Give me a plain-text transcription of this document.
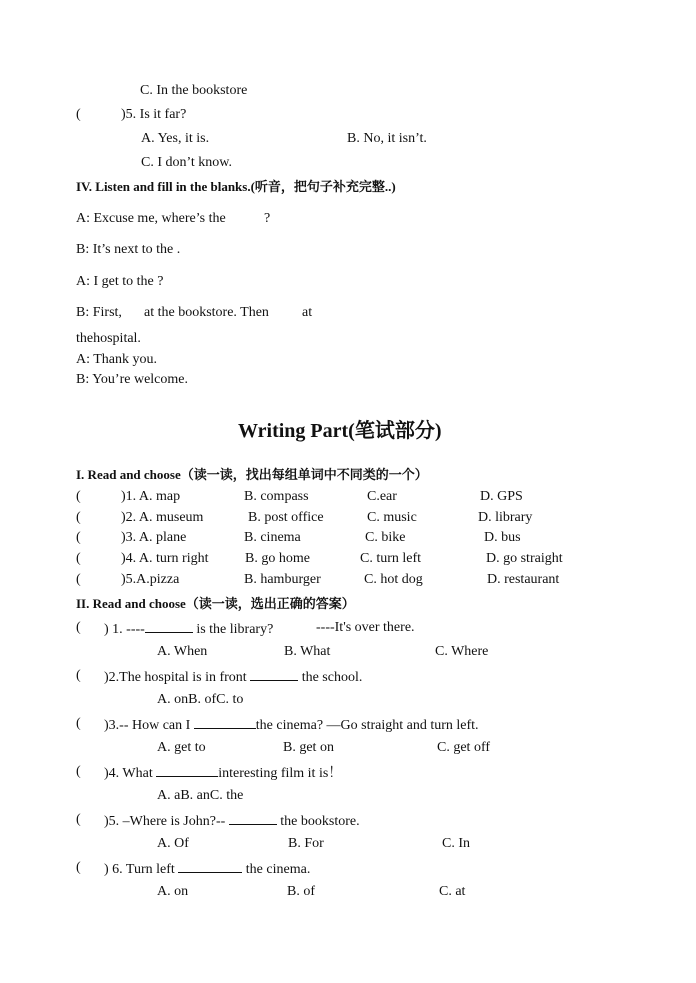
C. In the bookstore
(	)5. Is it far?
A. Yes, it is.	B. No, it isn’t.
C. I don’t know.
IV. Listen and fill in the blanks.(听音，把句子补充完整..)
A: Excuse me, where’s the	?
B: It’s next to the .
A: I get to the ?
B: First, at the bookstore. Then at
thehospital.
A: Thank you.
B: You’re welcome.
Writing Part(笔试部分)
I. Read and choose（读一读，找出每组单词中不同类的一个）
(	)1. A. map	B. compass	C.ear	D. GPS
(	)2. A. museum	B. post office	C. music	D. library
(	)3. A. plane	B. cinema	C. bike	D. bus
(	)4. A. turn right	B. go home	C. turn left	D. go straight
(	)5.A.pizza	B. hamburger	C. hot dog	D. restaurant
II. Read and choose（读一读，选出正确的答案）
( ) 1. ----	is the library?	----It's over there.
A. When	B. What	C. Where
( )2.The hospital is in front	the school.
A. onB. ofC. to
( )3.-- How can I	the cinema? —Go straight and turn left.
A. get to	B. get on	C. get off
( )4. What	interesting film it is！
A. aB. anC. the
( )5. –Where is John?--	the bookstore.
A. Of	B. For	C. In
( ) 6. Turn left	the cinema.
A. on	B. of	C. at
